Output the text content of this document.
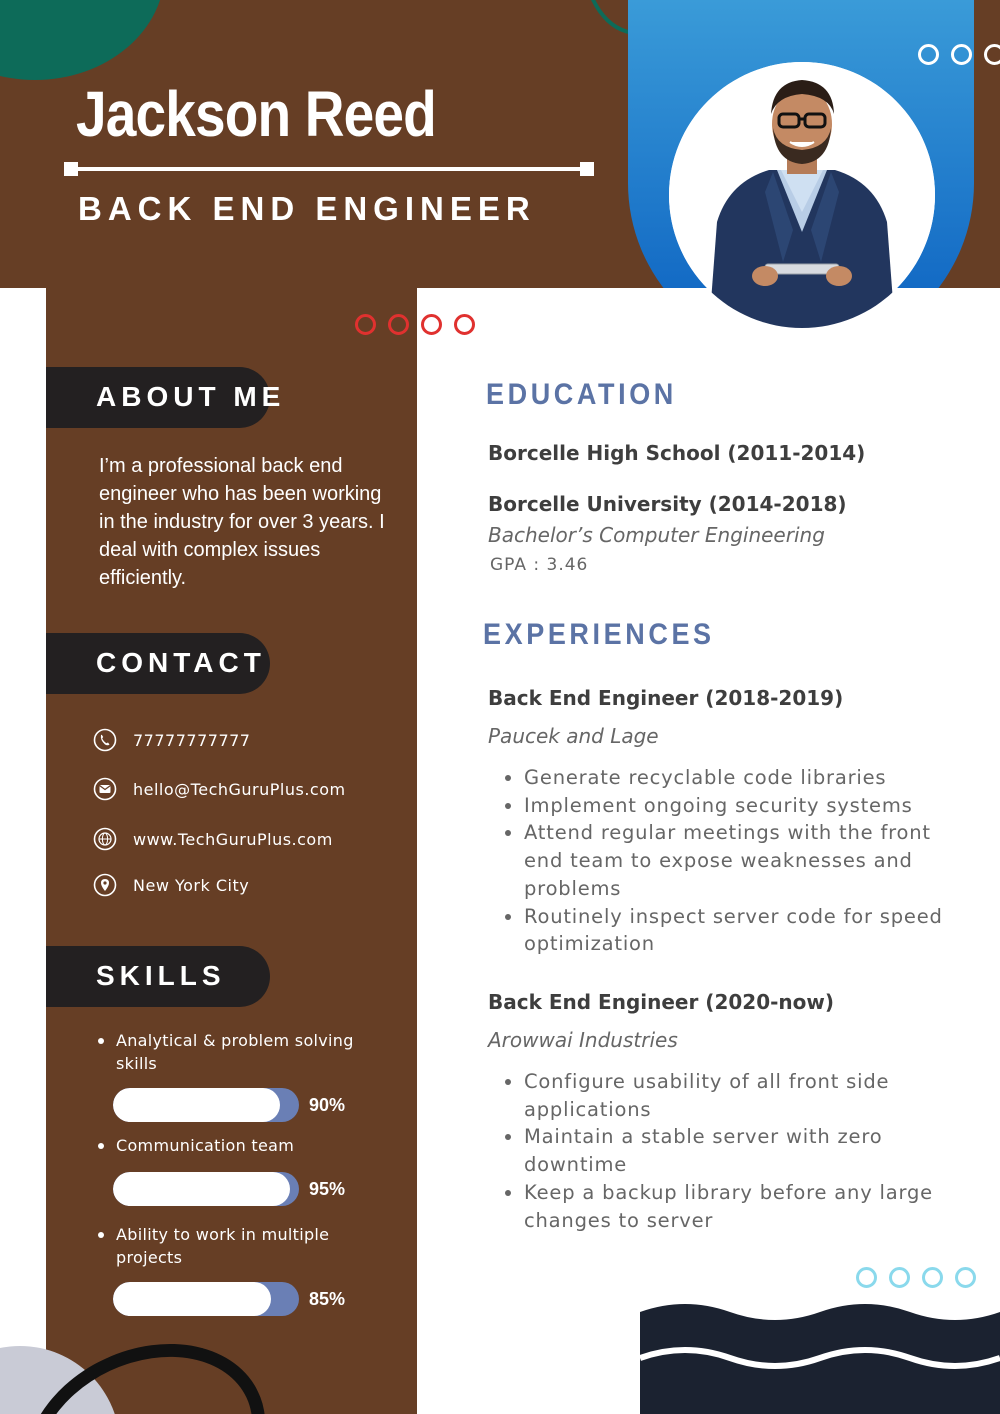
Jackson Reed
BACK END ENGINEER
ABOUT ME
I’m a professional back end engineer who has been working in the industry for over 3 years. I deal with complex issues efficiently.
CONTACT
77777777777
hello@TechGuruPlus.com
www.TechGuruPlus.com
New York City
SKILLS
Analytical & problem solving skills
90%
Communication team
95%
Ability to work in multiple projects
85%
EDUCATION
Borcelle High School (2011-2014)
Borcelle University (2014-2018)
Bachelor’s Computer Engineering
GPA : 3.46
EXPERIENCES
Back End Engineer (2018-2019)
Paucek and Lage
• Generate recyclable code libraries
• Implement ongoing security systems
• Attend regular meetings with the front end team to expose weaknesses and problems
• Routinely inspect server code for speed optimization
Back End Engineer (2020-now)
Arowwai Industries
• Configure usability of all front side applications
• Maintain a stable server with zero downtime
• Keep a backup library before any large changes to server
